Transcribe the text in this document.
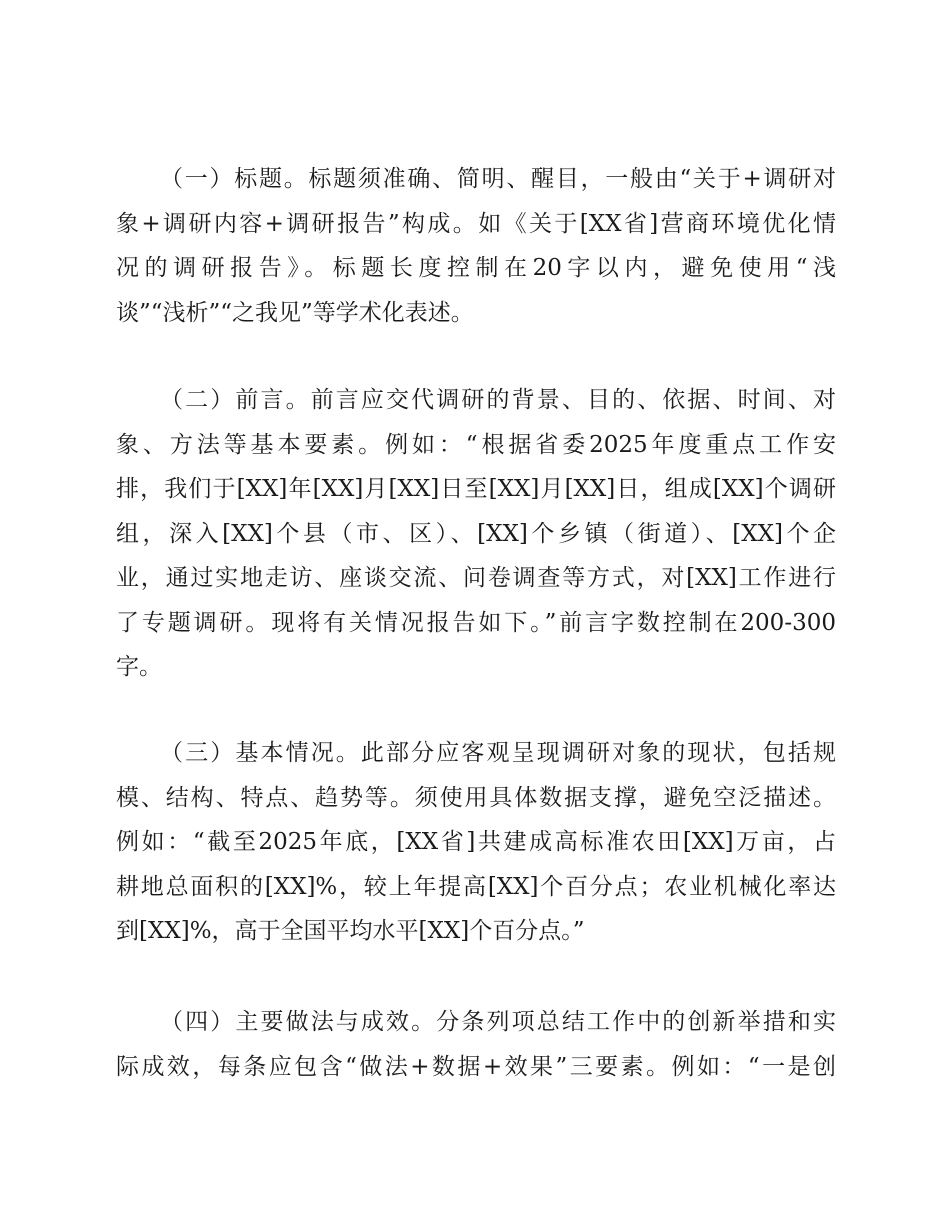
（一）标题。标题须准确、简明、醒目，一般由“关于+调研对
象+调研内容+调研报告”构成。如《关于[XX省]营商环境优化情
况的调研报告》。标题长度控制在20字以内，避免使用“浅
谈”“浅析”“之我见”等学术化表述。
（二）前言。前言应交代调研的背景、目的、依据、时间、对
象、方法等基本要素。例如：“根据省委2025年度重点工作安
排，我们于[XX]年[XX]月[XX]日至[XX]月[XX]日，组成[XX]个调研
组，深入[XX]个县（市、区）、[XX]个乡镇（街道）、[XX]个企
业，通过实地走访、座谈交流、问卷调查等方式，对[XX]工作进行
了专题调研。现将有关情况报告如下。”前言字数控制在200-300
字。
（三）基本情况。此部分应客观呈现调研对象的现状，包括规
模、结构、特点、趋势等。须使用具体数据支撑，避免空泛描述。
例如：“截至2025年底，[XX省]共建成高标准农田[XX]万亩，占
耕地总面积的[XX]%，较上年提高[XX]个百分点；农业机械化率达
到[XX]%，高于全国平均水平[XX]个百分点。”
（四）主要做法与成效。分条列项总结工作中的创新举措和实
际成效，每条应包含“做法+数据+效果”三要素。例如：“一是创
